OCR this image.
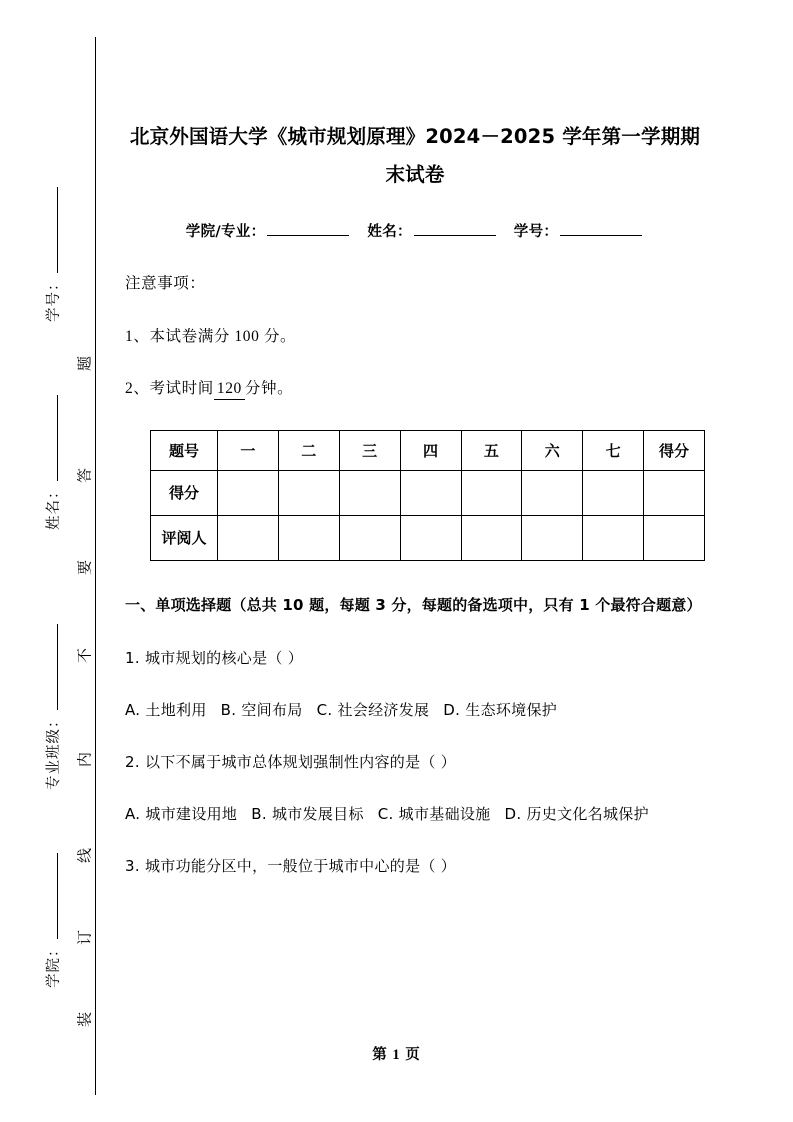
学号：
姓名：
专业班级：
学院：
题
答
要
不
内
线
订
装
北京外国语大学《城市规划原理》2024－2025 学年第一学期期末试卷
学院/专业：	姓名：	学号：
注意事项：
1、本试卷满分 100 分。
2、考试时间 120 分钟。
题号	一	二	三	四	五	六	七	得分
得分								
评阅人								
一、单项选择题（总共 10 题，每题 3 分，每题的备选项中，只有 1 个最符合题意）
1. 城市规划的核心是（ ）
A. 土地利用 B. 空间布局 C. 社会经济发展 D. 生态环境保护
2. 以下不属于城市总体规划强制性内容的是（ ）
A. 城市建设用地 B. 城市发展目标 C. 城市基础设施 D. 历史文化名城保护
3. 城市功能分区中，一般位于城市中心的是（ ）
第 1 页
